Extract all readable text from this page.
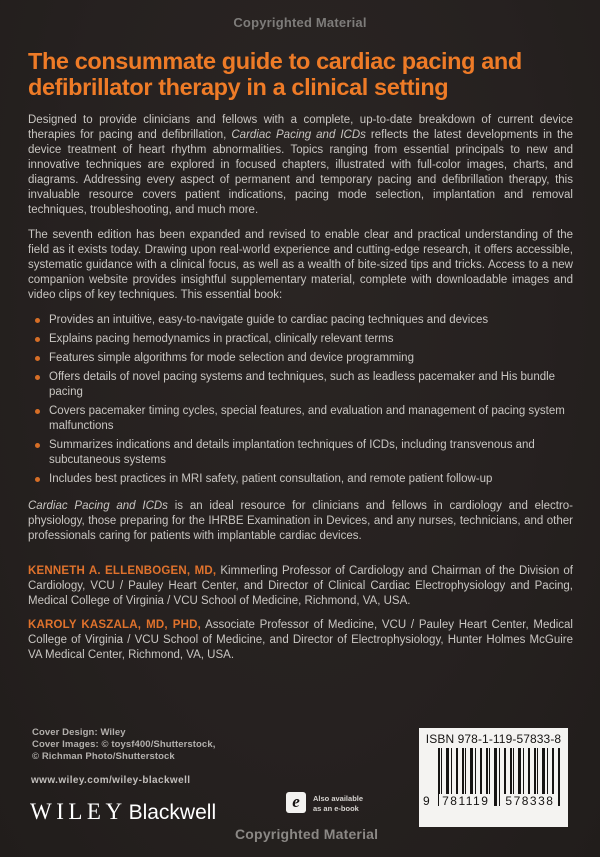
Copyrighted Material
The consummate guide to cardiac pacing and
defibrillator therapy in a clinical setting

Designed to provide clinicians and fellows with a complete, up-to-date breakdown of current device therapies for pacing and defibrillation, Cardiac Pacing and ICDs reflects the latest developments in the device treatment of heart rhythm abnormalities. Topics ranging from essential principals to new and innovative techniques are explored in focused chapters, illustrated with full-color images, charts, and diagrams. Addressing every aspect of permanent and temporary pacing and defibrillation therapy, this invaluable resource covers patient indications, pacing mode selection, implantation and removal techniques, troubleshooting, and much more.

The seventh edition has been expanded and revised to enable clear and practical understanding of the field as it exists today. Drawing upon real-world experience and cutting-edge research, it offers accessible, systematic guidance with a clinical focus, as well as a wealth of bite-sized tips and tricks. Access to a new companion website provides insightful supplementary material, complete with downloadable images and video clips of key techniques. This essential book:

Provides an intuitive, easy-to-navigate guide to cardiac pacing techniques and devices
Explains pacing hemodynamics in practical, clinically relevant terms
Features simple algorithms for mode selection and device programming
Offers details of novel pacing systems and techniques, such as leadless pacemaker and His bundle pacing
Covers pacemaker timing cycles, special features, and evaluation and management of pacing system malfunctions
Summarizes indications and details implantation techniques of ICDs, including transvenous and subcutaneous systems
Includes best practices in MRI safety, patient consultation, and remote patient follow-up

Cardiac Pacing and ICDs is an ideal resource for clinicians and fellows in cardiology and electro-physiology, those preparing for the IHRBE Examination in Devices, and any nurses, technicians, and other professionals caring for patients with implantable cardiac devices.

KENNETH A. ELLENBOGEN, MD, Kimmerling Professor of Cardiology and Chairman of the Division of Cardiology, VCU / Pauley Heart Center, and Director of Clinical Cardiac Electrophysiology and Pacing, Medical College of Virginia / VCU School of Medicine, Richmond, VA, USA.

KAROLY KASZALA, MD, PHD, Associate Professor of Medicine, VCU / Pauley Heart Center, Medical College of Virginia / VCU School of Medicine, and Director of Electrophysiology, Hunter Holmes McGuire VA Medical Center, Richmond, VA, USA.

Cover Design: Wiley
Cover Images: © toysf400/Shutterstock,
© Richman Photo/Shutterstock
www.wiley.com/wiley-blackwell
WILEYBlackwell	e	Also available
as an e-book
Copyrighted Material
ISBN 978-1-119-57833-8
9	781119 578338
